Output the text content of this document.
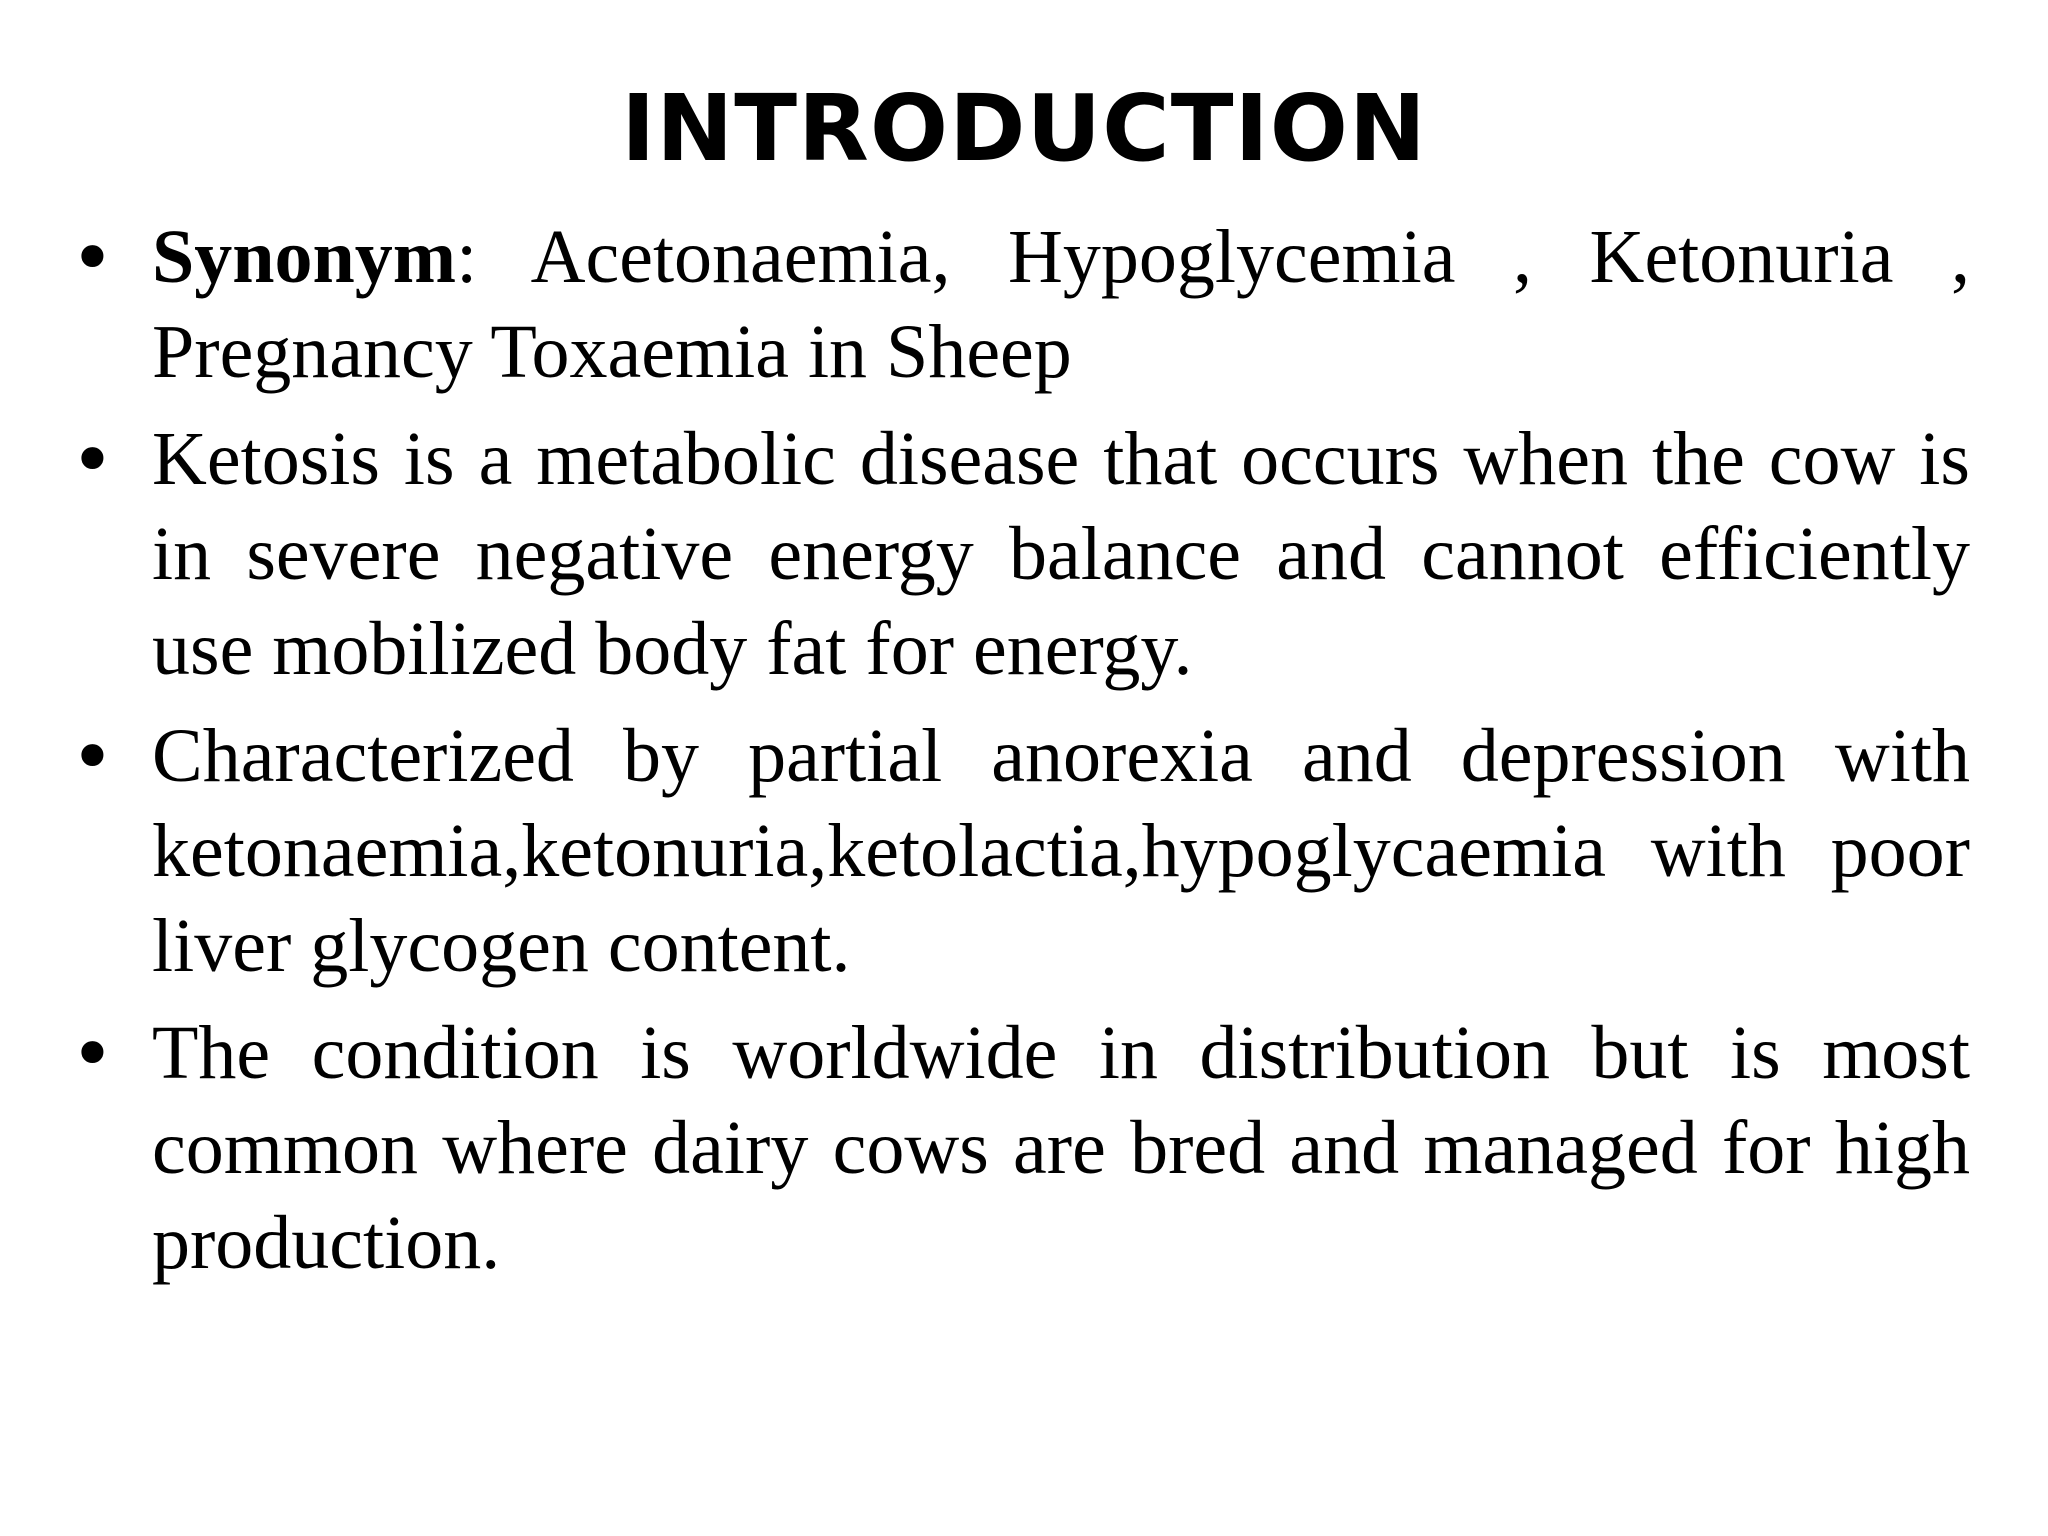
INTRODUCTION
• Synonym: Acetonaemia, Hypoglycemia , Ketonuria , Pregnancy Toxaemia in Sheep
• Ketosis is a metabolic disease that occurs when the cow is in severe negative energy balance and cannot efficiently use mobilized body fat for energy.
• Characterized by partial anorexia and depression with ketonaemia,ketonuria,ketolactia,hypoglycaemia with poor liver glycogen content.
• The condition is worldwide in distribution but is most common where dairy cows are bred and managed for high production.
